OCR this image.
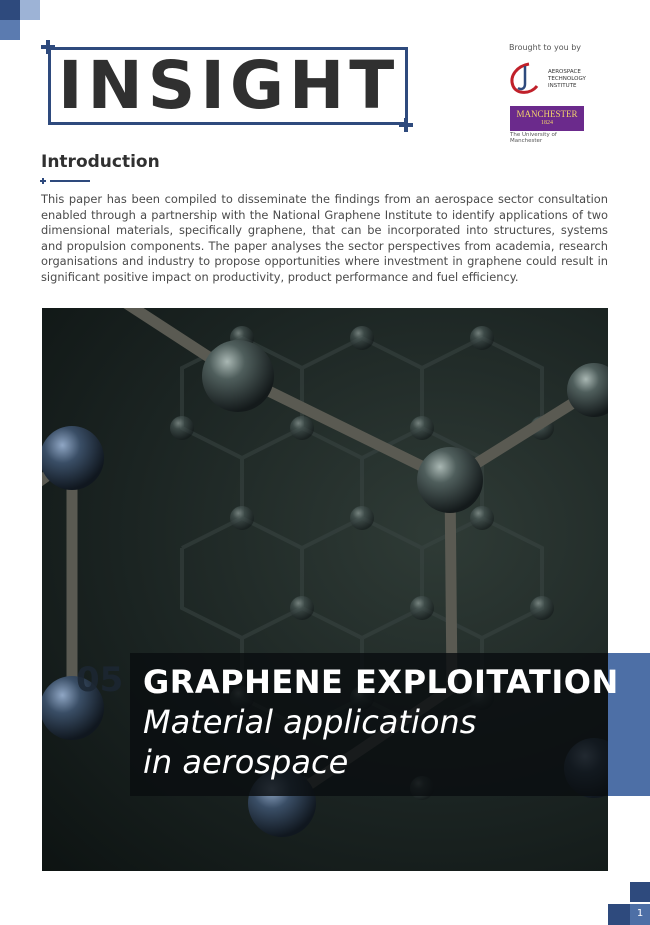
INSIGHT	Brought to you by
AEROSPACE
TECHNOLOGY
INSTITUTE
MANCHESTER
1824
The University of Manchester
Introduction

This paper has been compiled to disseminate the findings from an aerospace sector consultation enabled through a partnership with the National Graphene Institute to identify applications of two dimensional materials, specifically graphene, that can be incorporated into structures, systems and propulsion components. The paper analyses the sector perspectives from academia, research organisations and industry to propose opportunities where investment in graphene could result in significant positive impact on productivity, product performance and fuel efficiency.

05 GRAPHENE EXPLOITATION
Material applications
in aerospace
1
